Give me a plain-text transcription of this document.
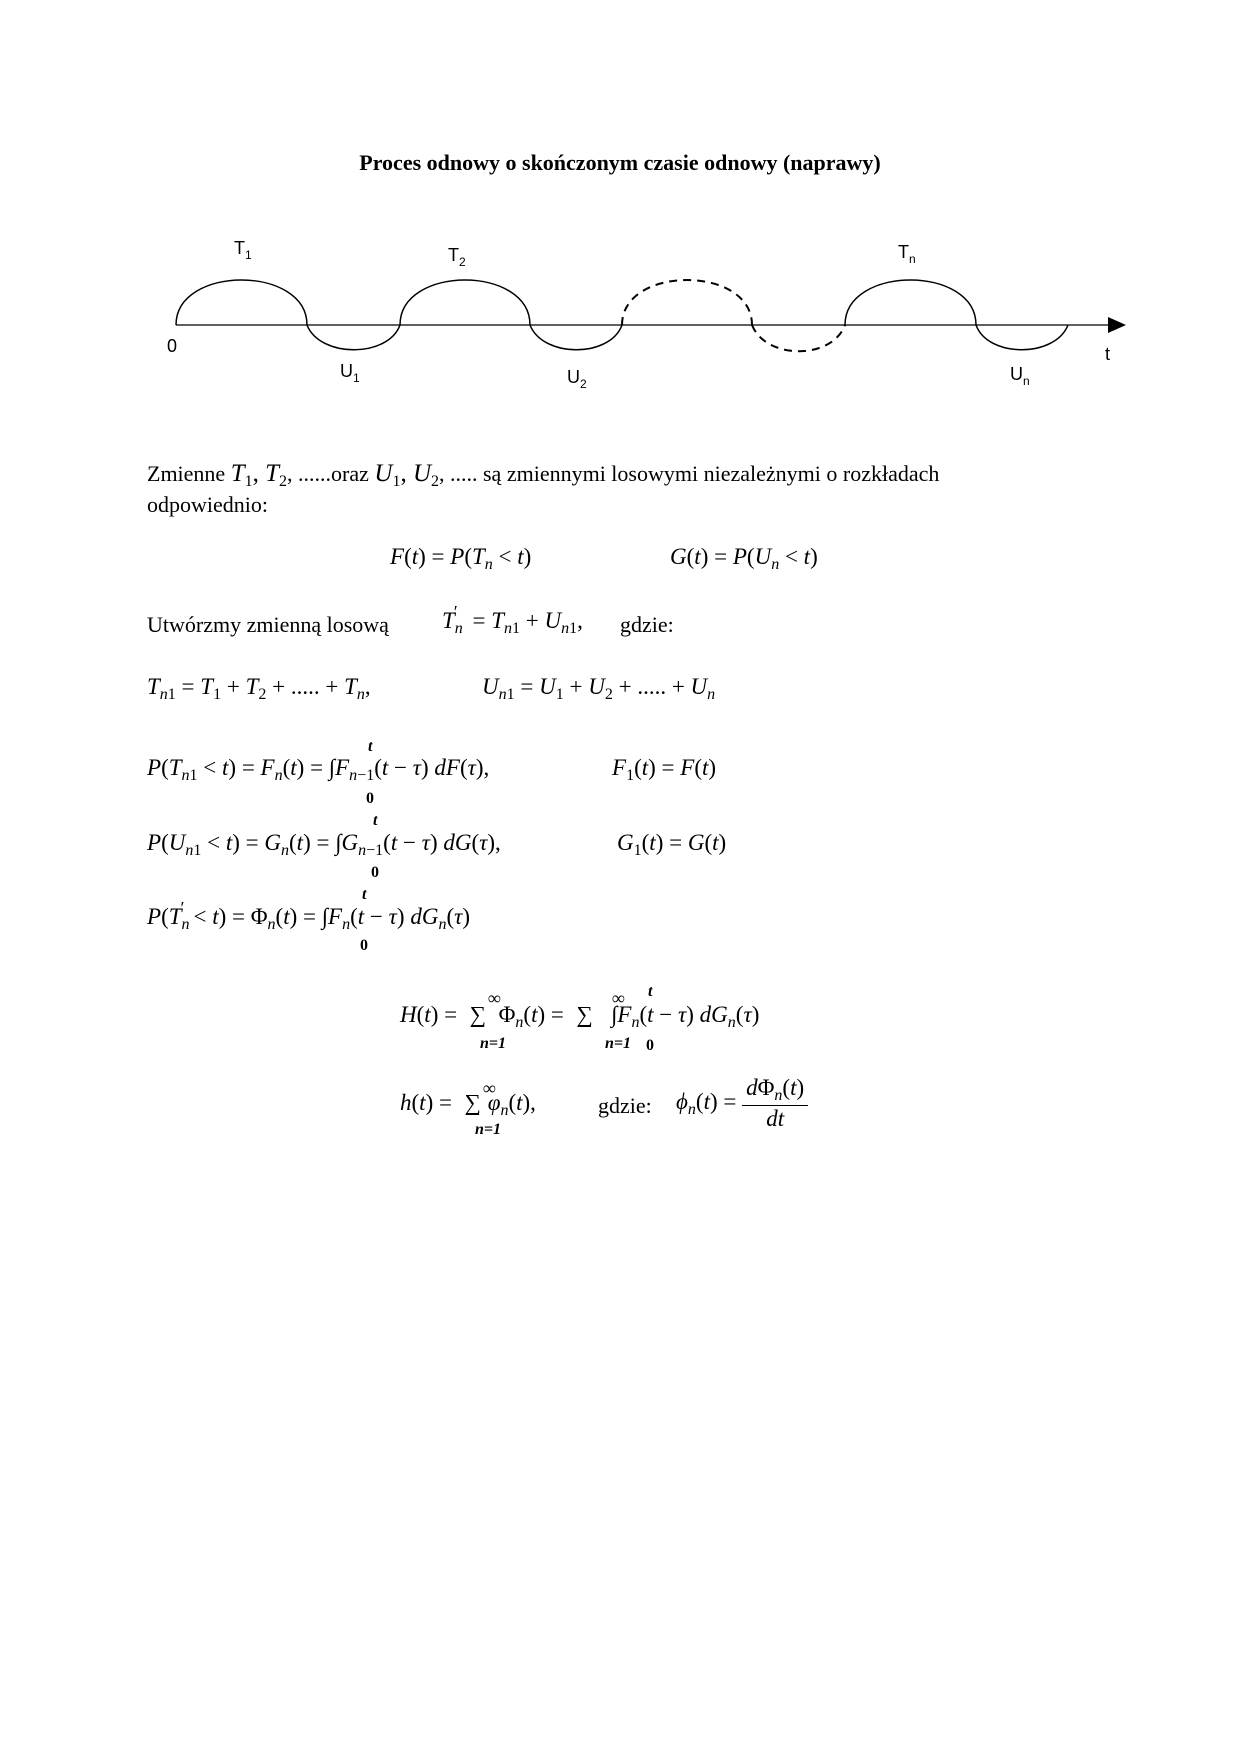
Proces odnowy o skończonym czasie odnowy (naprawy)
0	t
$T_1$	$T_2$	$T_n$
$U_1$	$U_2$	$U_n$
Zmienne $T_1$, $T_2$, ......oraz $U_1$, $U_2$, ..... są zmiennymi losowymi niezależnymi o rozkładach
odpowiednio:
$F(t) = P(T_n < t)$	$G(t) = P(U_n < t)$
Utwórzmy zmienną losową $T_n' = T_{n1} + U_{n1}$, gdzie:
$T_{n1} = T_1 + T_2$ + ..... + $T_n$,	$U_{n1} = U_1 + U_2$ + ..... + $U_n$
$P(T_{n1} < t) = F_n(t) = \int F_{n-1}(t - \tau)$ dF(τ),
t
0
$F_1(t) = F(t)$
$P(U_{n1} < t) = G_n(t) = \int G_{n-1}(t - \tau)$ dG(τ),
t
0
$G_1(t) = G(t)$
$P(T_n' < t) = \Phi_n(t) = \int F_n(t - \tau)$ $dG_n(\tau)$
t
0
H(t) = ∑ $\Phi_n(t)$ = ∑  $\int F_n(t - \tau)$ $dG_n(\tau)$
∞
n=1
∞
n=1
t
0
h(t) = ∑ $\varphi_n(t)$,
∞
n=1
gdzie: $\phi_n(t) = \frac{d\Phi_n(t)}{dt}$
